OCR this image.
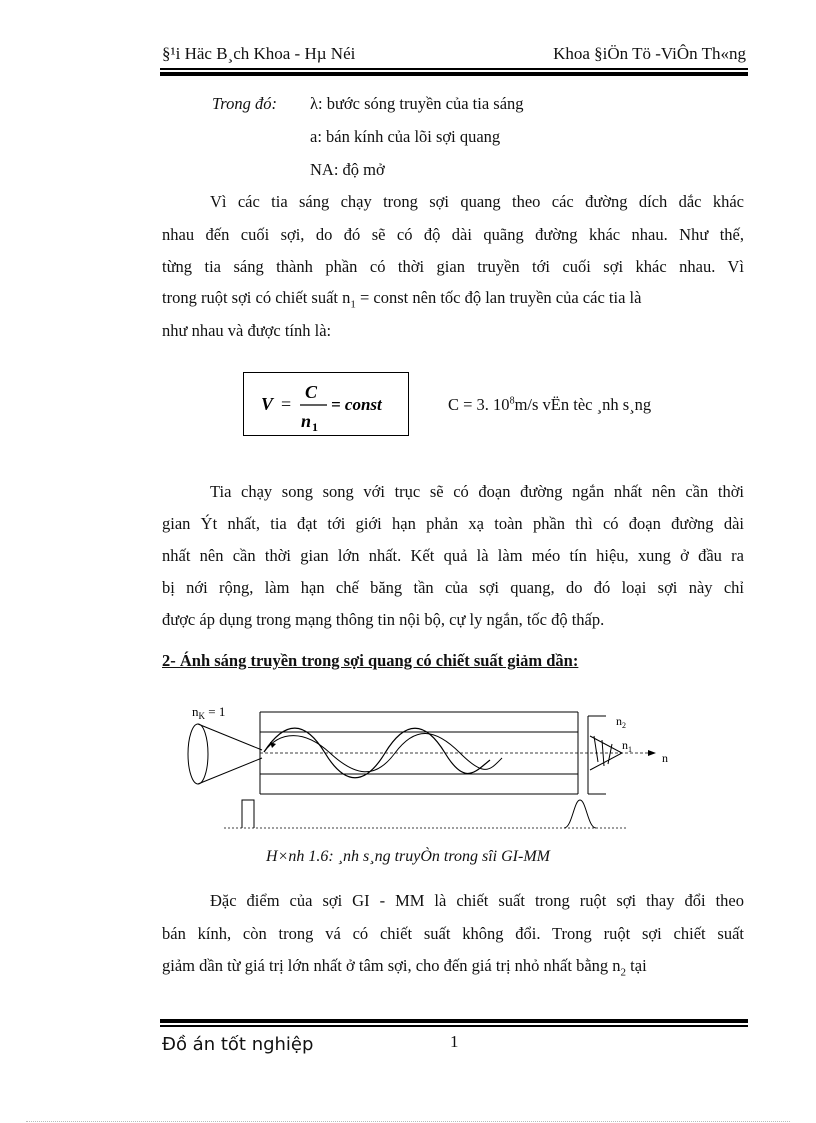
§¹i Häc B¸ch Khoa - Hµ Néi	Khoa §iÖn Tö -ViÔn Th«ng
Trong đó: λ: bước sóng truyền của tia sáng
a: bán kính của lõi sợi quang
NA: độ mở
Vì các tia sáng chạy trong sợi quang theo các đường dích dắc khác
nhau đến cuối sợi, do đó sẽ có độ dài quãng đường khác nhau. Như thế,
từng tia sáng thành phần có thời gian truyền tới cuối sợi khác nhau. Vì
trong ruột sợi có chiết suất $n_1$ = const nên tốc độ lan truyền của các tia là
như nhau và được tính là:
V =
C
n 1
= const	C = 3. $10^8m/s$ vËn tèc ¸nh s¸ng
Tia chạy song song với trục sẽ có đoạn đường ngắn nhất nên cần thời
gian Ýt nhất, tia đạt tới giới hạn phản xạ toàn phần thì có đoạn đường dài
nhất nên cần thời gian lớn nhất. Kết quả là làm méo tín hiệu, xung ở đầu ra
bị nới rộng, làm hạn chế băng tần của sợi quang, do đó loại sợi này chỉ
được áp dụng trong mạng thông tin nội bộ, cự ly ngắn, tốc độ thấp.
2- Ánh sáng truyền trong sợi quang có chiết suất giảm dần:
$n_K = 1$
$n_2$
$n_1$
n
H×nh 1.6: ¸nh s¸ng truyÒn trong sîi GI-MM
Đặc điểm của sợi GI - MM là chiết suất trong ruột sợi thay đổi theo
bán kính, còn trong vá có chiết suất không đổi. Trong ruột sợi chiết suất
giảm dần từ giá trị lớn nhất ở tâm sợi, cho đến giá trị nhỏ nhất bằng $n_2$ tại
Đồ án tốt nghiệp	1
